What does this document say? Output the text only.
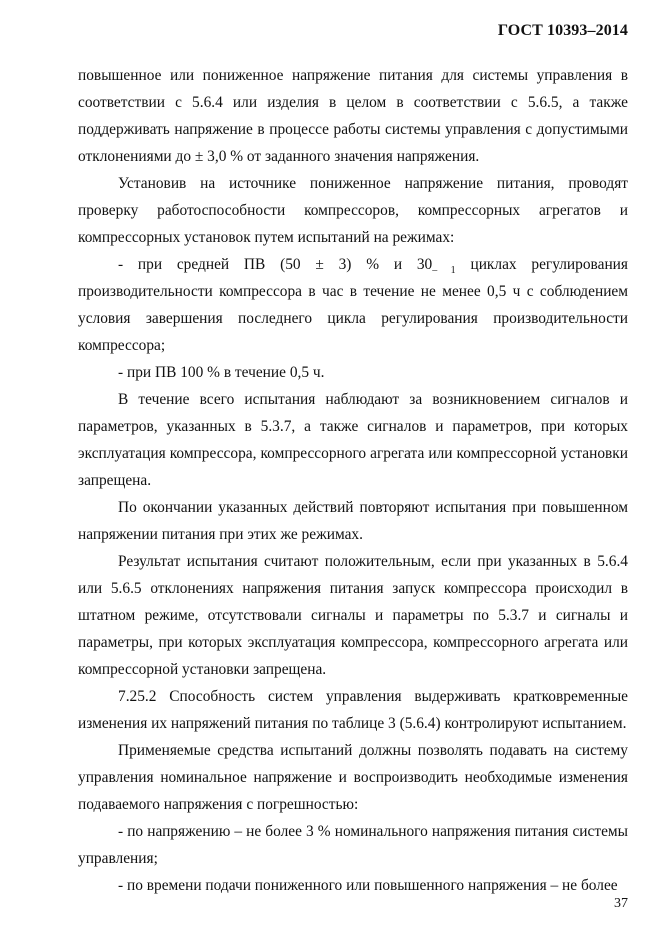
ГОСТ 10393–2014

повышенное или пониженное напряжение питания для системы управления в соответствии с 5.6.4 или изделия в целом в соответствии с 5.6.5, а также поддерживать напряжение в процессе работы системы управления с допустимыми отклонениями до ± 3,0 % от заданного значения напряжения.

Установив на источнике пониженное напряжение питания, проводят проверку работоспособности компрессоров, компрессорных агрегатов и компрессорных установок путем испытаний на режимах:

- при средней ПВ (50 ± 3) % и $30_{- 1}$ циклах регулирования производительности компрессора в час в течение не менее 0,5 ч с соблюдением условия завершения последнего цикла регулирования производительности компрессора;

- при ПВ 100 % в течение 0,5 ч.

В течение всего испытания наблюдают за возникновением сигналов и параметров, указанных в 5.3.7, а также сигналов и параметров, при которых эксплуатация компрессора, компрессорного агрегата или компрессорной установки запрещена.

По окончании указанных действий повторяют испытания при повышенном напряжении питания при этих же режимах.

Результат испытания считают положительным, если при указанных в 5.6.4 или 5.6.5 отклонениях напряжения питания запуск компрессора происходил в штатном режиме, отсутствовали сигналы и параметры по 5.3.7 и сигналы и параметры, при которых эксплуатация компрессора, компрессорного агрегата или компрессорной установки запрещена.

7.25.2 Способность систем управления выдерживать кратковременные изменения их напряжений питания по таблице 3 (5.6.4) контролируют испытанием.

Применяемые средства испытаний должны позволять подавать на систему управления номинальное напряжение и воспроизводить необходимые изменения подаваемого напряжения с погрешностью:

- по напряжению – не более 3 % номинального напряжения питания системы управления;

- по времени подачи пониженного или повышенного напряжения – не более

37
